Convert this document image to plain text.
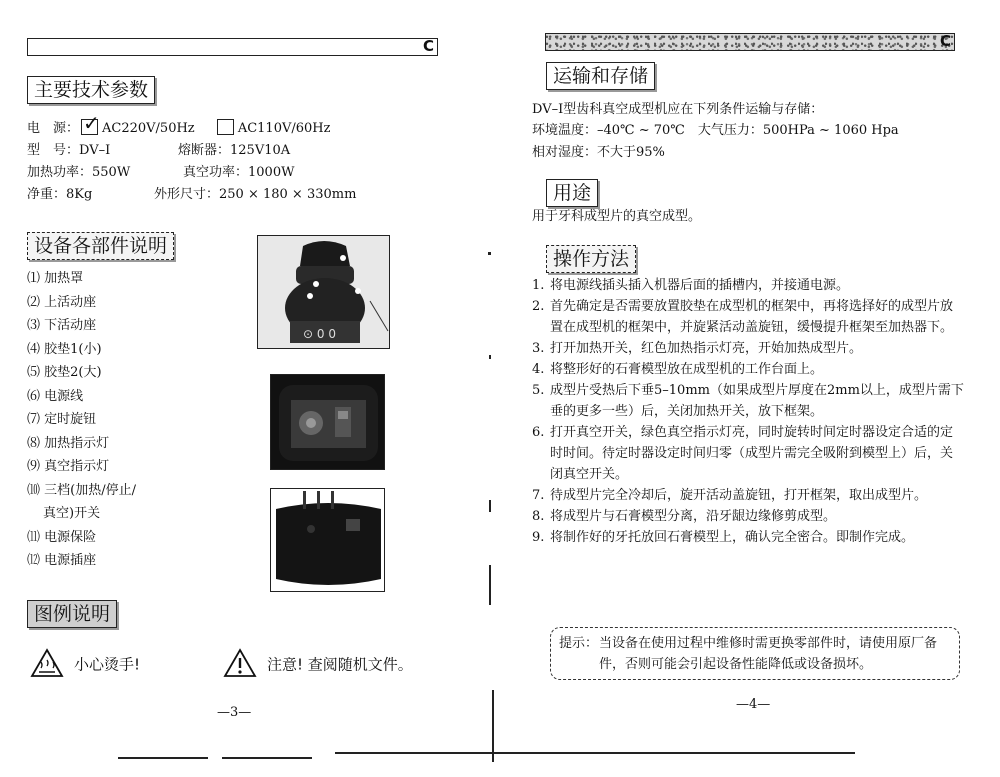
C
主要技术参数
电　源：✓ AC220V/50Hz	AC110V/60Hz
型　号：DV–Ⅰ	熔断器：125V10A
加热功率：550W	真空功率：1000W
净重：8Kg	外形尺寸：250 × 180 × 330mm
设备各部件说明
⑴ 加热罩
⑵ 上活动座
⑶ 下活动座
⑷ 胶垫1(小)
⑸ 胶垫2(大)
⑹ 电源线
⑺ 定时旋钮
⑻ 加热指示灯
⑼ 真空指示灯
⑽ 三档(加热/停止/
真空)开关
⑾ 电源保险
⑿ 电源插座
⊙ 0 0
图例说明
小心烫手!	注意! 查阅随机文件。
—3—
C
运输和存储
DV–Ⅰ型齿科真空成型机应在下列条件运输与存储：
环境温度：–40℃ ~ 70℃　大气压力：500HPa ~ 1060 Hpa
相对湿度：不大于95%
用途
用于牙科成型片的真空成型。
操作方法
1. 将电源线插头插入机器后面的插槽内，并接通电源。
2. 首先确定是否需要放置胶垫在成型机的框架中，再将选择好的成型片放置在成型机的框架中，并旋紧活动盖旋钮，缓慢提升框架至加热器下。
3. 打开加热开关，红色加热指示灯亮，开始加热成型片。
4. 将整形好的石膏模型放在成型机的工作台面上。
5. 成型片受热后下垂5–10mm（如果成型片厚度在2mm以上，成型片需下垂的更多一些）后，关闭加热开关，放下框架。
6. 打开真空开关，绿色真空指示灯亮，同时旋转时间定时器设定合适的定时时间。待定时器设定时间归零（成型片需完全吸附到模型上）后，关闭真空开关。
7. 待成型片完全冷却后，旋开活动盖旋钮，打开框架，取出成型片。
8. 将成型片与石膏模型分离，沿牙龈边缘修剪成型。
9. 将制作好的牙托放回石膏模型上，确认完全密合。即制作完成。
提示： 当设备在使用过程中维修时需更换零部件时，请使用原厂备件，否则可能会引起设备性能降低或设备损坏。
—4—
